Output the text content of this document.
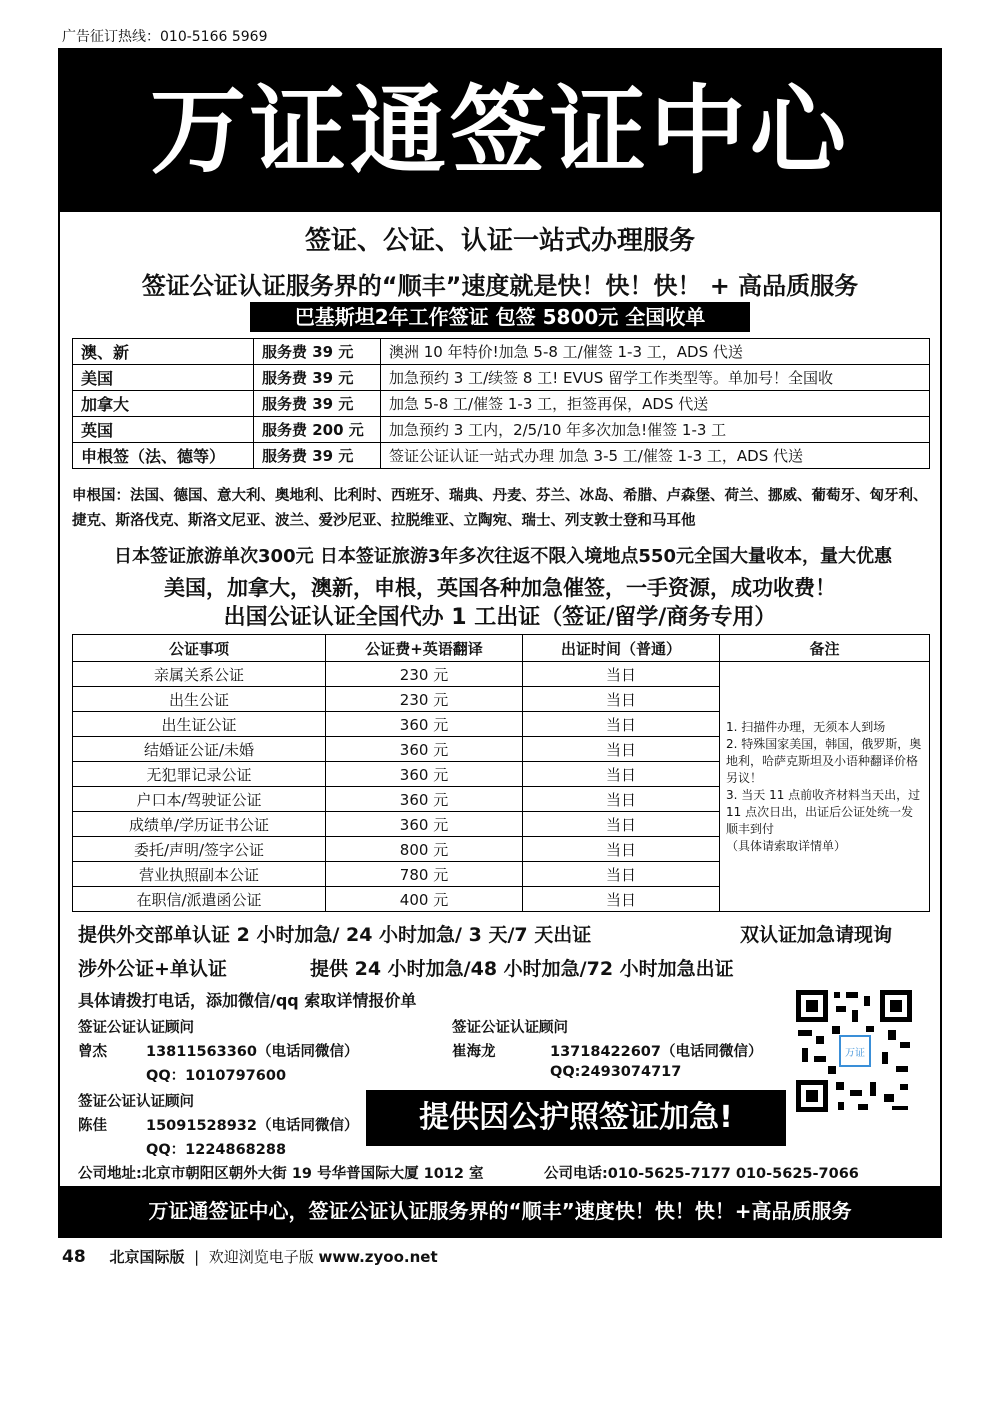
广告征订热线：010-5166 5969
万证通签证中心
签证、公证、认证一站式办理服务
签证公证认证服务界的“顺丰”速度就是快！快！快！ + 高品质服务
巴基斯坦2年工作签证 包签 5800元 全国收单
澳、新	服务费 39 元	澳洲 10 年特价!加急 5-8 工/催签 1-3 工，ADS 代送
美国	服务费 39 元	加急预约 3 工/续签 8 工! EVUS 留学工作类型等。单加号！全国收
加拿大	服务费 39 元	加急 5-8 工/催签 1-3 工，拒签再保，ADS 代送
英国	服务费 200 元	加急预约 3 工内，2/5/10 年多次加急!催签 1-3 工
申根签（法、德等）	服务费 39 元	签证公证认证一站式办理 加急 3-5 工/催签 1-3 工，ADS 代送
申根国：法国、德国、意大利、奥地利、比利时、西班牙、瑞典、丹麦、芬兰、冰岛、希腊、卢森堡、荷兰、挪威、葡萄牙、匈牙利、捷克、斯洛伐克、斯洛文尼亚、波兰、爱沙尼亚、拉脱维亚、立陶宛、瑞士、列支敦士登和马耳他
日本签证旅游单次300元 日本签证旅游3年多次往返不限入境地点550元全国大量收本，量大优惠
美国，加拿大，澳新，申根，英国各种加急催签，一手资源，成功收费！
出国公证认证全国代办 1 工出证（签证/留学/商务专用）
公证事项	公证费+英语翻译	出证时间（普通）	备注
亲属关系公证	230 元	当日	1. 扫描件办理，无须本人到场
2. 特殊国家美国，韩国，俄罗斯，奥地利，哈萨克斯坦及小语种翻译价格另议！
3. 当天 11 点前收齐材料当天出，过 11 点次日出，出证后公证处统一发顺丰到付
（具体请索取详情单）

出生公证	230 元	当日	
出生证公证	360 元	当日	
结婚证公证/未婚	360 元	当日	
无犯罪记录公证	360 元	当日	
户口本/驾驶证公证	360 元	当日	
成绩单/学历证书公证	360 元	当日	
委托/声明/签字公证	800 元	当日	
营业执照副本公证	780 元	当日	
在职信/派遣函公证	400 元	当日	
提供外交部单认证 2 小时加急/ 24 小时加急/ 3 天/7 天出证	双认证加急请现询
涉外公证+单认证	提供 24 小时加急/48 小时加急/72 小时加急出证
具体请拨打电话，添加微信/qq 索取详情报价单
签证公证认证顾问
曾杰	13811563360（电话同微信）
QQ：1010797600
签证公证认证顾问
崔海龙	13718422607（电话同微信）
QQ:2493074717
签证公证认证顾问
陈佳	15091528932（电话同微信）
QQ：1224868288
提供因公护照签证加急!
万证
公司地址:北京市朝阳区朝外大街 19 号华普国际大厦 1012 室	公司电话:010-5625-7177 010-5625-7066
万证通签证中心，签证公证认证服务界的“顺丰”速度快！快！快！+高品质服务
48 北京国际版 | 欢迎浏览电子版 www.zyoo.net
